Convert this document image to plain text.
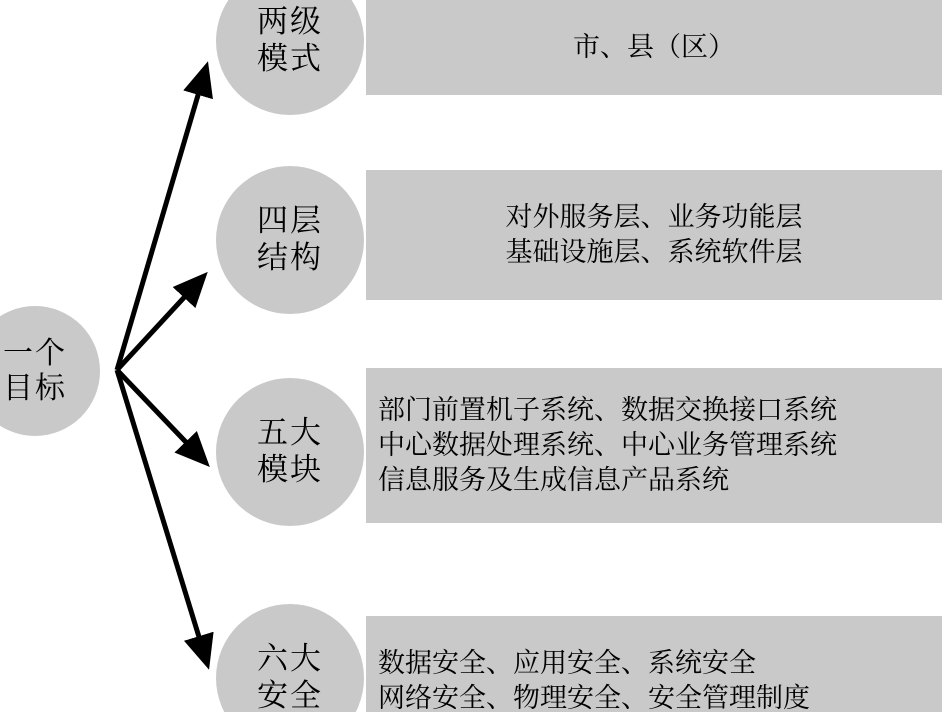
一个
目标
两级
模式	市、县（区）
四层
结构
对外服务层、业务功能层
基础设施层、系统软件层
五大
模块
部门前置机子系统、数据交换接口系统
中心数据处理系统、中心业务管理系统
信息服务及生成信息产品系统
六大
安全
数据安全、应用安全、系统安全
网络安全、物理安全、安全管理制度
